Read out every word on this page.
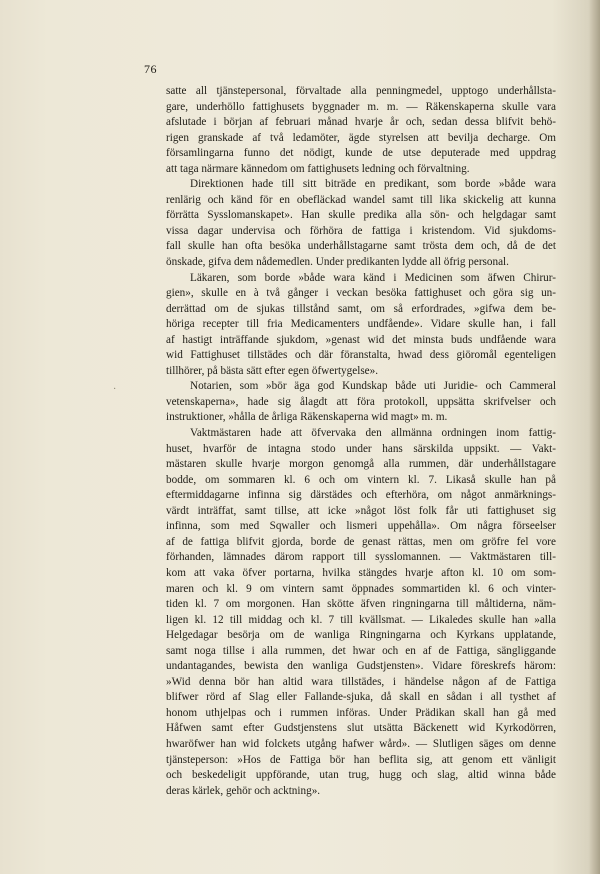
76
·
satte all tjänstepersonal, förvaltade alla penningmedel, upptogo underhållsta-
gare, underhöllo fattighusets byggnader m. m. — Räkenskaperna skulle vara
afslutade i början af februari månad hvarje år och, sedan dessa blifvit behö-
rigen granskade af två ledamöter, ägde styrelsen att bevilja decharge. Om
församlingarna funno det nödigt, kunde de utse deputerade med uppdrag
att taga närmare kännedom om fattighusets ledning och förvaltning.
Direktionen hade till sitt biträde en predikant, som borde »både wara
renlärig och känd för en obefläckad wandel samt till lika skickelig att kunna
förrätta Sysslomanskapet». Han skulle predika alla sön- och helgdagar samt
vissa dagar undervisa och förhöra de fattiga i kristendom. Vid sjukdoms-
fall skulle han ofta besöka underhållstagarne samt trösta dem och, då de det
önskade, gifva dem nådemedlen. Under predikanten lydde all öfrig personal.
Läkaren, som borde »både wara känd i Medicinen som äfwen Chirur-
gien», skulle en à två gånger i veckan besöka fattighuset och göra sig un-
derrättad om de sjukas tillstånd samt, om så erfordrades, »gifwa dem be-
höriga recepter till fria Medicamenters undfående». Vidare skulle han, i fall
af hastigt inträffande sjukdom, »genast wid det minsta buds undfående wara
wid Fattighuset tillstädes och där föranstalta, hwad dess giöromål egenteligen
tillhörer, på bästa sätt efter egen öfwertygelse».
Notarien, som »bör äga god Kundskap både uti Juridie- och Cammeral
vetenskaperna», hade sig ålagdt att föra protokoll, uppsätta skrifvelser och
instruktioner, »hålla de årliga Räkenskaperna wid magt» m. m.
Vaktmästaren hade att öfvervaka den allmänna ordningen inom fattig-
huset, hvarför de intagna stodo under hans särskilda uppsikt. — Vakt-
mästaren skulle hvarje morgon genomgå alla rummen, där underhållstagare
bodde, om sommaren kl. 6 och om vintern kl. 7. Likaså skulle han på
eftermiddagarne infinna sig därstädes och efterhöra, om något anmärknings-
värdt inträffat, samt tillse, att icke »något löst folk får uti fattighuset sig
infinna, som med Sqwaller och lismeri uppehålla». Om några förseelser
af de fattiga blifvit gjorda, borde de genast rättas, men om gröfre fel vore
förhanden, lämnades därom rapport till sysslomannen. — Vaktmästaren till-
kom att vaka öfver portarna, hvilka stängdes hvarje afton kl. 10 om som-
maren och kl. 9 om vintern samt öppnades sommartiden kl. 6 och vinter-
tiden kl. 7 om morgonen. Han skötte äfven ringningarna till måltiderna, näm-
ligen kl. 12 till middag och kl. 7 till kvällsmat. — Likaledes skulle han »alla
Helgedagar besörja om de wanliga Ringningarna och Kyrkans upplatande,
samt noga tillse i alla rummen, det hwar och en af de Fattiga, sängliggande
undantagandes, bewista den wanliga Gudstjensten». Vidare föreskrefs härom:
»Wid denna bör han altid wara tillstädes, i händelse någon af de Fattiga
blifwer rörd af Slag eller Fallande-sjuka, då skall en sådan i all tysthet af
honom uthjelpas och i rummen införas. Under Prädikan skall han gå med
Håfwen samt efter Gudstjenstens slut utsätta Bäckenett wid Kyrkodörren,
hwaröfwer han wid folckets utgång hafwer wård». — Slutligen säges om denne
tjänsteperson: »Hos de Fattiga bör han beflita sig, att genom ett vänligit
och beskedeligit uppförande, utan trug, hugg och slag, altid winna både
deras kärlek, gehör och acktning».
